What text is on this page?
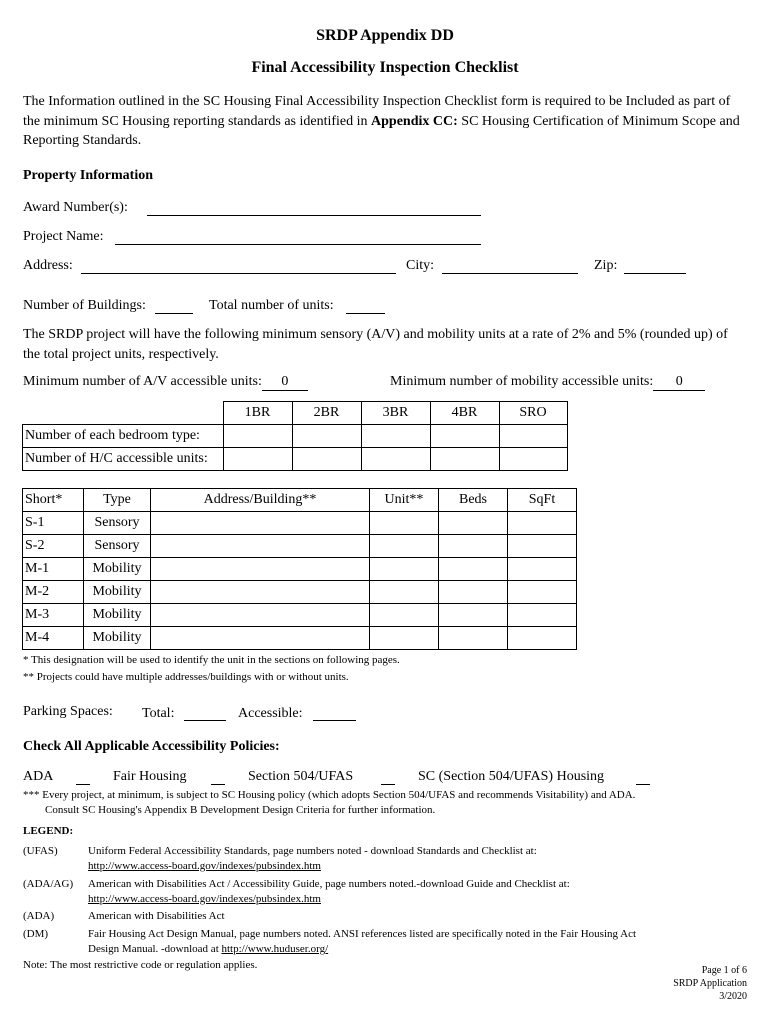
SRDP Appendix DD
Final Accessibility Inspection Checklist
The Information outlined in the SC Housing Final Accessibility Inspection Checklist form is required to be Included as part of the minimum SC Housing reporting standards as identified in Appendix CC: SC Housing Certification of Minimum Scope and Reporting Standards.
Property Information
Award Number(s):
Project Name:
Address:	City:	Zip:
Number of Buildings:	Total number of units:
The SRDP project will have the following minimum sensory (A/V) and mobility units at a rate of 2% and 5% (rounded up) of the total project units, respectively.
Minimum number of A/V accessible units: 0	Minimum number of mobility accessible units: 0
	1BR	2BR	3BR	4BR	SRO
Number of each bedroom type:					
Number of H/C accessible units:					
Short*	Type	Address/Building**	Unit**	Beds	SqFt
S-1	Sensory				
S-2	Sensory				
M-1	Mobility				
M-2	Mobility				
M-3	Mobility				
M-4	Mobility				
* This designation will be used to identify the unit in the sections on following pages.
** Projects could have multiple addresses/buildings with or without units.
Parking Spaces: Total:	Accessible:
Check All Applicable Accessibility Policies:
ADA	Fair Housing	Section 504/UFAS	SC (Section 504/UFAS) Housing
*** Every project, at minimum, is subject to SC Housing policy (which adopts Section 504/UFAS and recommends Visitability) and ADA.
Consult SC Housing's Appendix B Development Design Criteria for further information.
LEGEND:
(UFAS)	Uniform Federal Accessibility Standards, page numbers noted - download Standards and Checklist at:
http://www.access-board.gov/indexes/pubsindex.htm
(ADA/AG) American with Disabilities Act / Accessibility Guide, page numbers noted.-download Guide and Checklist at:
http://www.access-board.gov/indexes/pubsindex.htm
(ADA)	American with Disabilities Act
(DM)	Fair Housing Act Design Manual, page numbers noted. ANSI references listed are specifically noted in the Fair Housing Act
Design Manual. -download at http://www.huduser.org/
Note: The most restrictive code or regulation applies.	Page 1 of 6
SRDP Application
3/2020
